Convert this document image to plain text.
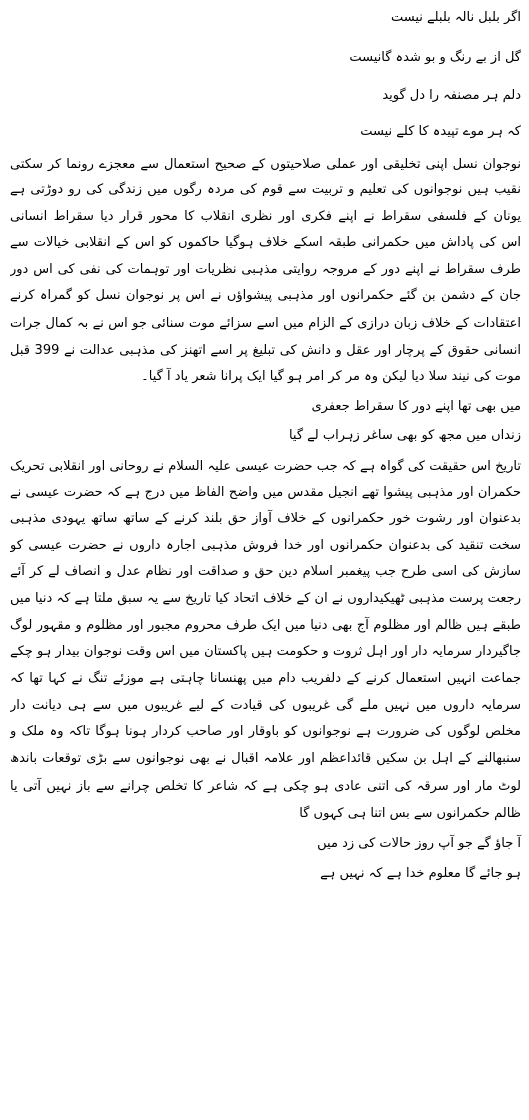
اگر بلبل نالہ بلبلے نیست
گل از بے رنگ و بو شدہ گانیست
دلم ہر مصنفہ را دل گوید
کہ ہر موے تپیدہ کا کلے نیست
نوجوان نسل اپنی تخلیقی اور عملی صلاحیتوں کے صحیح استعمال سے معجزے رونما کر سکتی
نقیب ہیں نوجوانوں کی تعلیم و تربیت سے قوم کی مردہ رگوں میں زندگی کی رو دوڑتی ہے
یونان کے فلسفی سقراط نے اپنے فکری اور نظری انقلاب کا محور قرار دیا سقراط انسانی
اس کی پاداش میں حکمرانی طبقہ اسکے خلاف ہوگیا حاکموں کو اس کے انقلابی خیالات سے
طرف سقراط نے اپنے دور کے مروجہ روایتی مذہبی نظریات اور توہمات کی نفی کی اس دور
جان کے دشمن بن گئے حکمرانوں اور مذہبی پیشواؤں نے اس پر نوجوان نسل کو گمراہ کرنے
اعتقادات کے خلاف زبان درازی کے الزام میں اسے سزائے موت سنائی جو اس نے بہ کمال جرات
انسانی حقوق کے پرچار اور عقل و دانش کی تبلیغ پر اسے اتھنز کی مذہبی عدالت نے 399 قبل
موت کی نیند سلا دیا لیکن وہ مر کر امر ہو گیا ایک پرانا شعر یاد آ گیا۔
میں بھی تھا اپنے دور کا سقراط جعفری
زنداں میں مجھ کو بھی ساغر زہراب لے گیا
تاریخ اس حقیقت کی گواہ ہے کہ جب حضرت عیسی علیہ السلام نے روحانی اور انقلابی تحریک
حکمران اور مذہبی پیشوا تھے انجیل مقدس میں واضح الفاظ میں درج ہے کہ حضرت عیسی نے
بدعنوان اور رشوت خور حکمرانوں کے خلاف آواز حق بلند کرنے کے ساتھ ساتھ یہودی مذہبی
سخت تنقید کی بدعنوان حکمرانوں اور خدا فروش مذہبی اجارہ داروں نے حضرت عیسی کو
سازش کی اسی طرح جب پیغمبر اسلام دین حق و صداقت اور نظام عدل و انصاف لے کر آئے
رجعت پرست مذہبی ٹھیکیداروں نے ان کے خلاف اتحاد کیا تاریخ سے یہ سبق ملتا ہے کہ دنیا میں
طبقے ہیں ظالم اور مظلوم آج بھی دنیا میں ایک طرف محروم مجبور اور مظلوم و مقہور لوگ
جاگیردار سرمایہ دار اور اہل ثروت و حکومت ہیں پاکستان میں اس وقت نوجوان بیدار ہو چکے
جماعت انہیں استعمال کرنے کے دلفریب دام میں پھنسانا چاہتی ہے موزئے تنگ نے کہا تھا کہ
سرمایہ داروں میں نہیں ملے گی غریبوں کی قیادت کے لیے غریبوں میں سے ہی دیانت دار
مخلص لوگوں کی ضرورت ہے نوجوانوں کو باوقار اور صاحب کردار ہونا ہوگا تاکہ وہ ملک و
سنبھالنے کے اہل بن سکیں قائداعظم اور علامہ اقبال نے بھی نوجوانوں سے بڑی توقعات باندھ
لوٹ مار اور سرقہ کی اتنی عادی ہو چکی ہے کہ شاعر کا تخلص چرانے سے باز نہیں آتی یا
ظالم حکمرانوں سے بس اتنا ہی کہوں گا
آ جاؤ گے جو آپ روز حالات کی زد میں
ہو جائے گا معلوم خدا ہے کہ نہیں ہے
